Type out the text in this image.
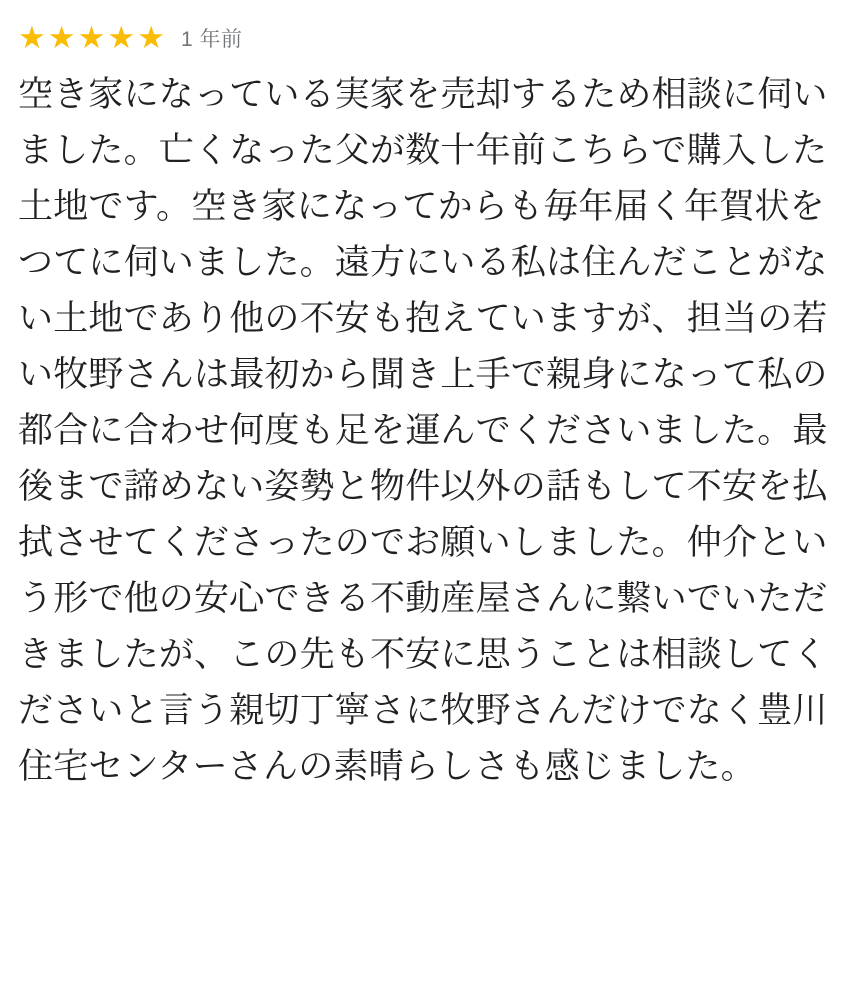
★ ★ ★ ★ ★ 1 年前
空き家になっている実家を売却するため相談に伺いました。亡くなった父が数十年前こちらで購入した土地です。空き家になってからも毎年届く年賀状をつてに伺いました。遠方にいる私は住んだことがない土地であり他の不安も抱えていますが、担当の若い牧野さんは最初から聞き上手で親身になって私の都合に合わせ何度も足を運んでくださいました。最後まで諦めない姿勢と物件以外の話もして不安を払拭させてくださったのでお願いしました。仲介という形で他の安心できる不動産屋さんに繋いでいただきましたが、この先も不安に思うことは相談してくださいと言う親切丁寧さに牧野さんだけでなく豊川住宅センターさんの素晴らしさも感じました。
